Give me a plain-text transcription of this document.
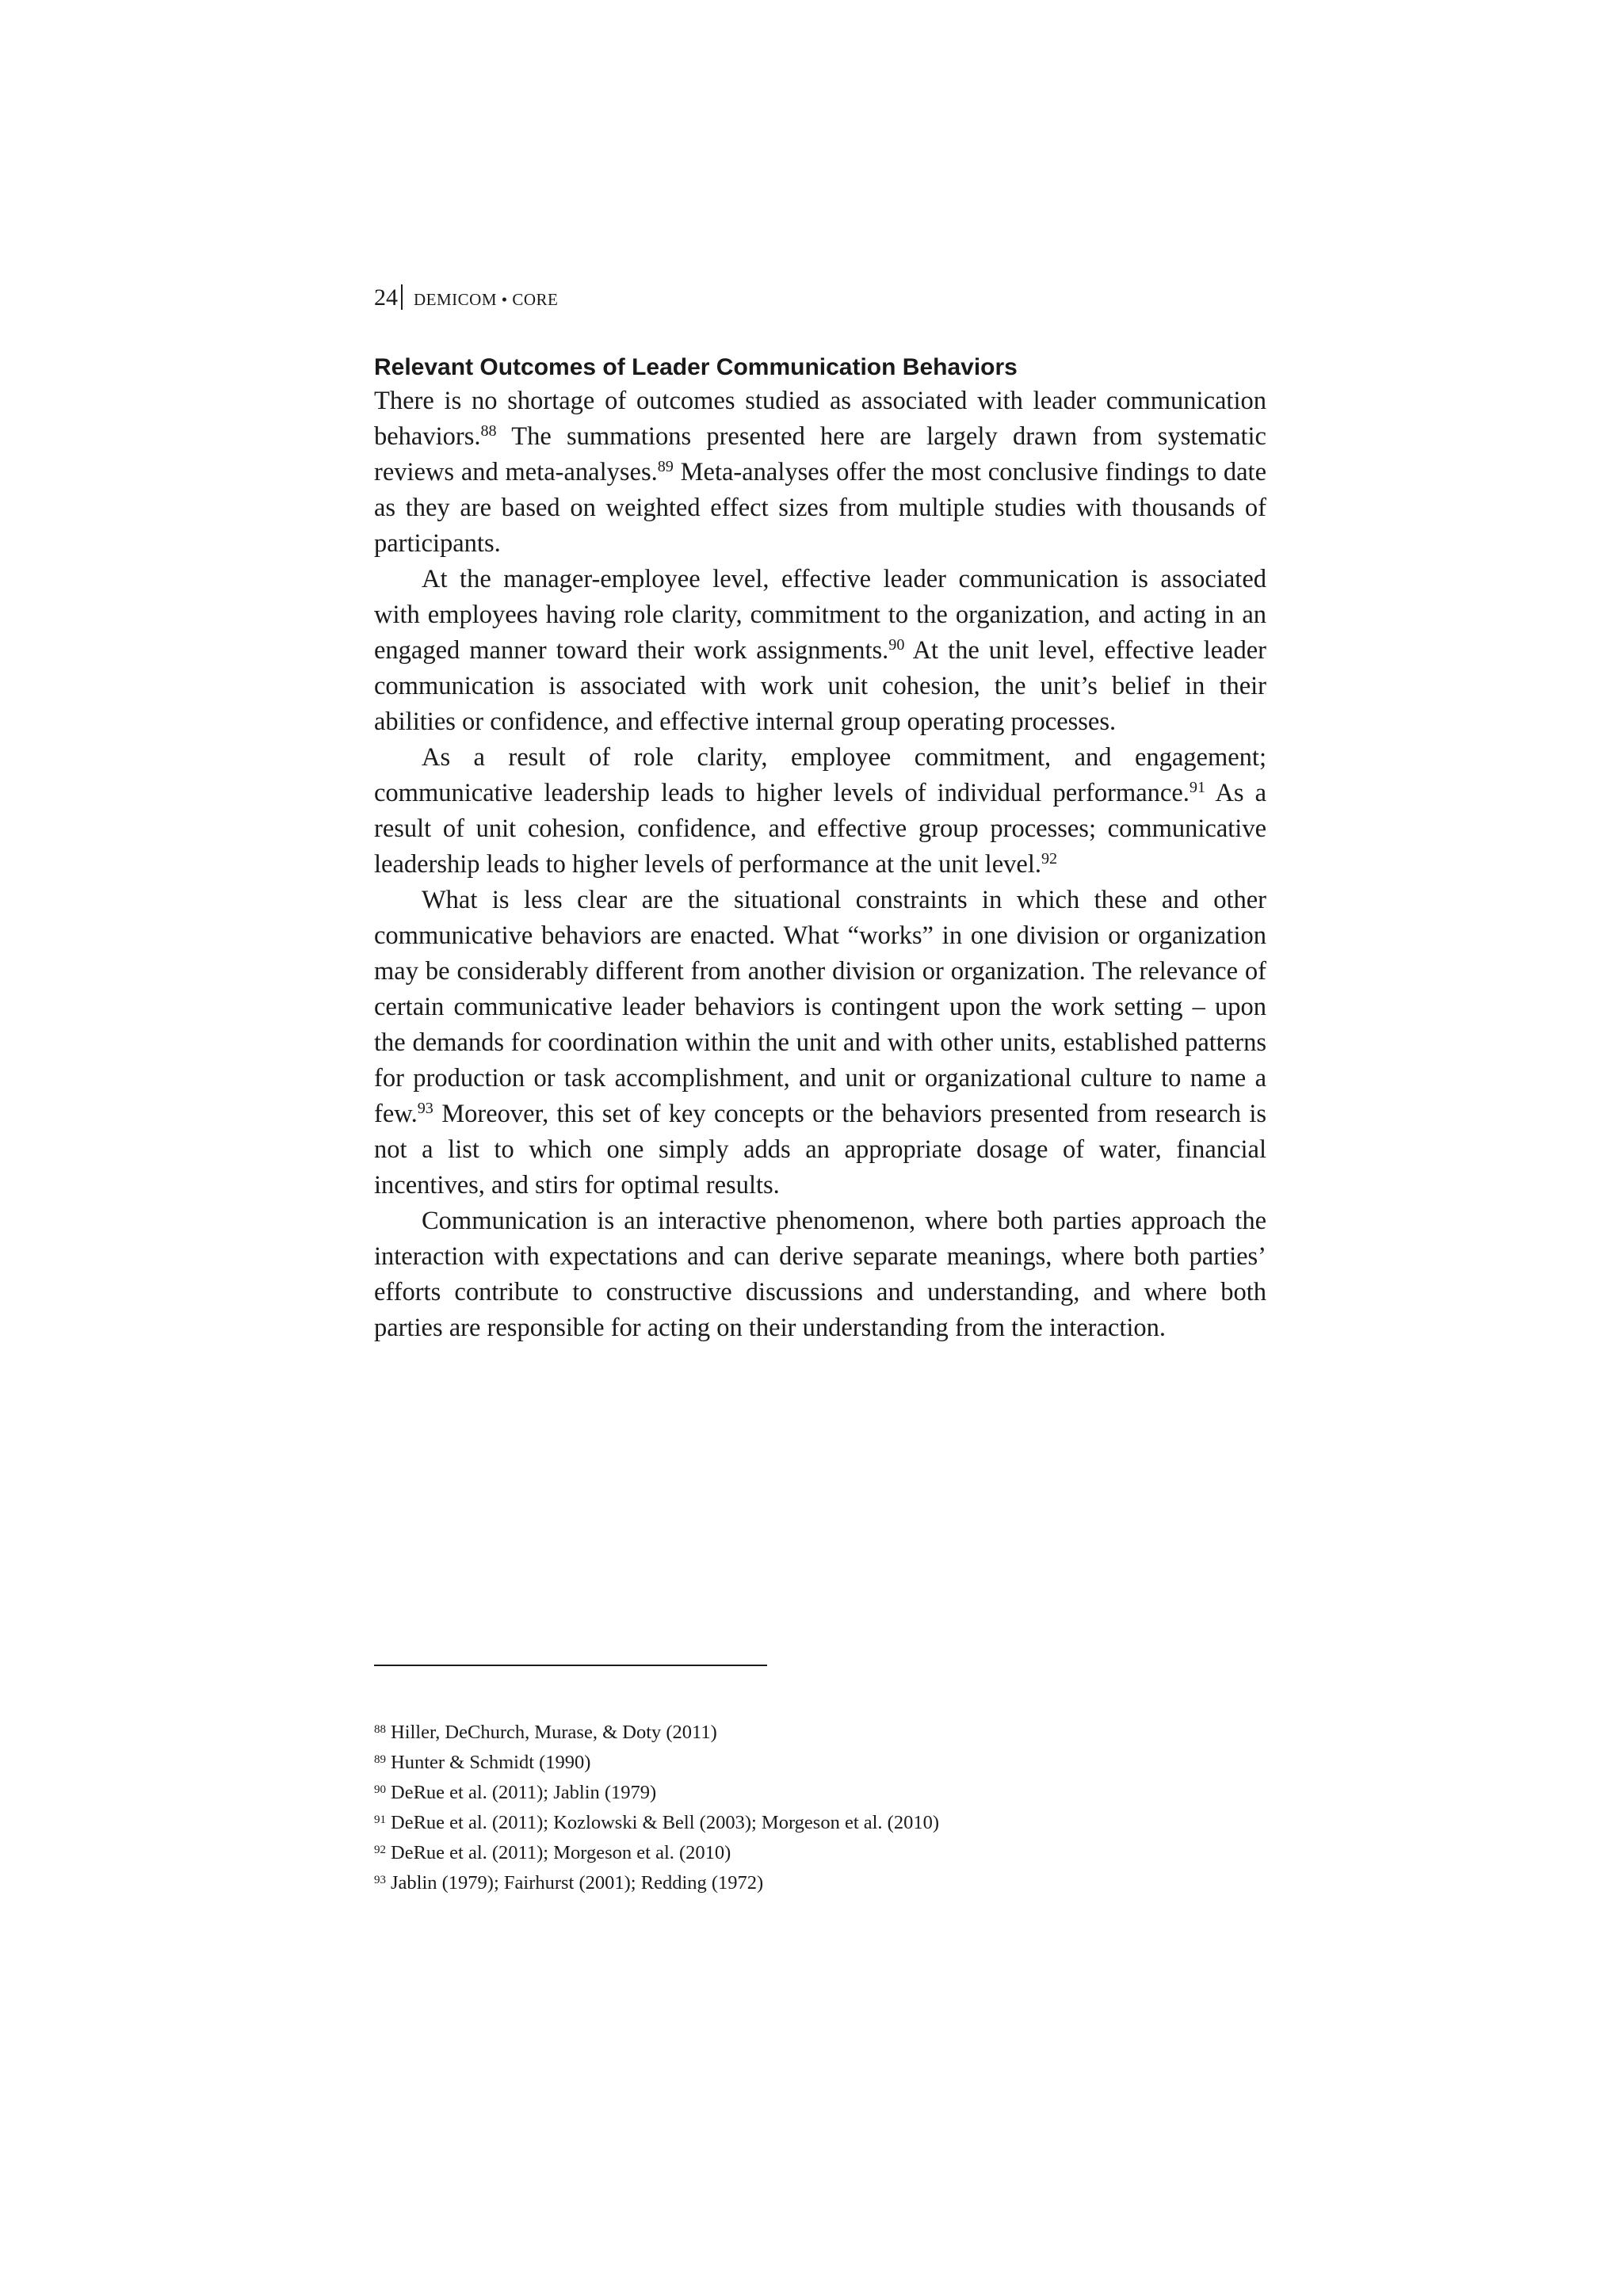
24 DEMICOM • CORE
Relevant Outcomes of Leader Communication Behaviors

There is no shortage of outcomes studied as associated with leader communication behaviors.$^{88}$ The summations presented here are largely drawn from systematic reviews and meta-analyses.$^{89}$ Meta-analyses offer the most conclusive findings to date as they are based on weighted effect sizes from multiple studies with thousands of participants.

At the manager-employee level, effective leader communication is associated with employees having role clarity, commitment to the organization, and acting in an engaged manner toward their work assignments.$^{90}$ At the unit level, effective leader communication is associated with work unit cohesion, the unit’s belief in their abilities or confidence, and effective internal group operating processes.

As a result of role clarity, employee commitment, and engagement; communicative leadership leads to higher levels of individual performance.$^{91}$ As a result of unit cohesion, confidence, and effective group processes; communicative leadership leads to higher levels of performance at the unit level.$^{92}$

What is less clear are the situational constraints in which these and other communicative behaviors are enacted. What “works” in one division or organization may be considerably different from another division or organization. The relevance of certain communicative leader behaviors is contingent upon the work setting – upon the demands for coordination within the unit and with other units, established patterns for production or task accomplishment, and unit or organizational culture to name a few.$^{93}$ Moreover, this set of key concepts or the behaviors presented from research is not a list to which one simply adds an appropriate dosage of water, financial incentives, and stirs for optimal results.

Communication is an interactive phenomenon, where both parties approach the interaction with expectations and can derive separate meanings, where both parties’ efforts contribute to constructive discussions and understanding, and where both parties are responsible for acting on their understanding from the interaction.

$^{88}$ Hiller, DeChurch, Murase, & Doty (2011)
$^{89}$ Hunter & Schmidt (1990)
$^{90}$ DeRue et al. (2011); Jablin (1979)
$^{91}$ DeRue et al. (2011); Kozlowski & Bell (2003); Morgeson et al. (2010)
$^{92}$ DeRue et al. (2011); Morgeson et al. (2010)
$^{93}$ Jablin (1979); Fairhurst (2001); Redding (1972)
